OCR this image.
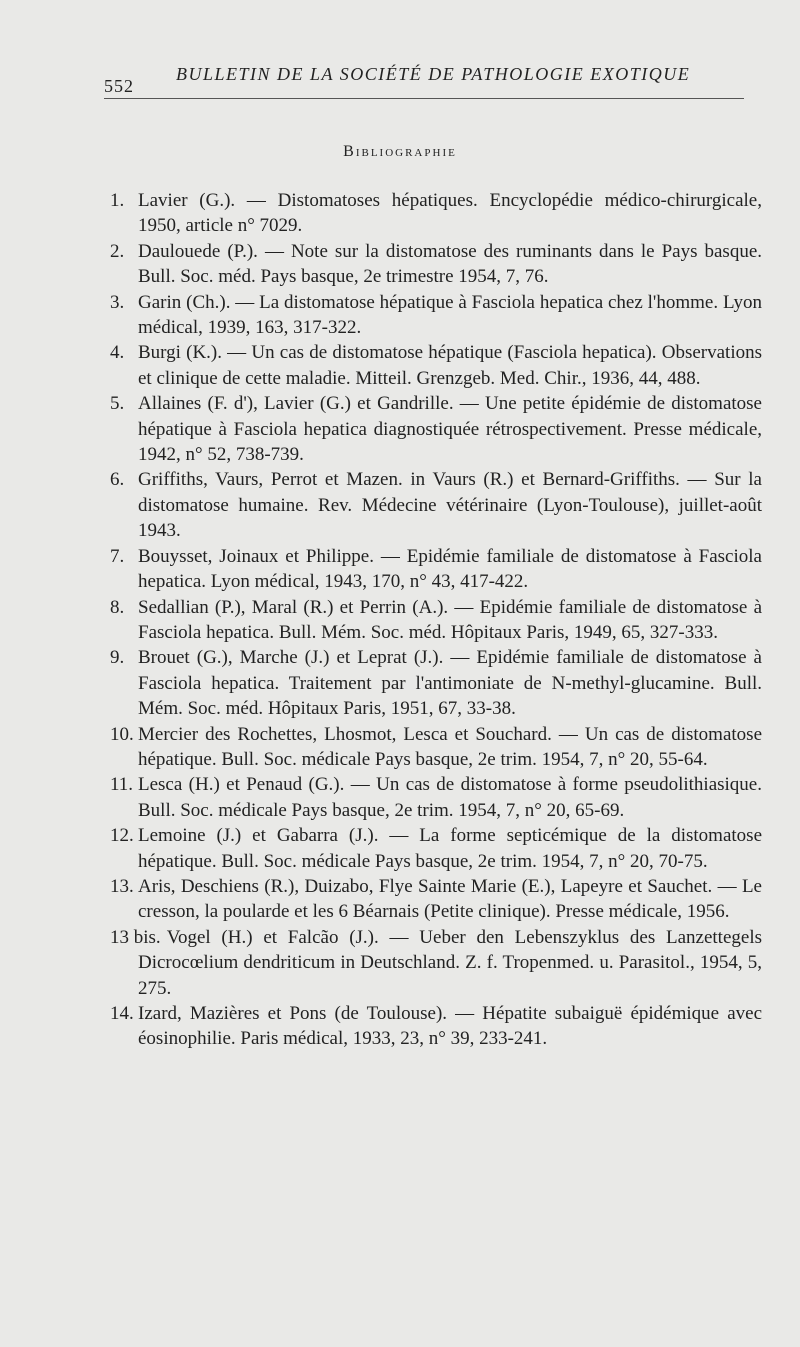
552
BULLETIN DE LA SOCIÉTÉ DE PATHOLOGIE EXOTIQUE
Bibliographie

1. Lavier (G.). — Distomatoses hépatiques. Encyclopédie médico-chirurgicale, 1950, article n° 7029.

2. Daulouede (P.). — Note sur la distomatose des ruminants dans le Pays basque. Bull. Soc. méd. Pays basque, 2e trimestre 1954, 7, 76.

3. Garin (Ch.). — La distomatose hépatique à Fasciola hepatica chez l'homme. Lyon médical, 1939, 163, 317-322.

4. Burgi (K.). — Un cas de distomatose hépatique (Fasciola hepatica). Observations et clinique de cette maladie. Mitteil. Grenzgeb. Med. Chir., 1936, 44, 488.

5. Allaines (F. d'), Lavier (G.) et Gandrille. — Une petite épidémie de distomatose hépatique à Fasciola hepatica diagnostiquée rétrospectivement. Presse médicale, 1942, n° 52, 738-739.

6. Griffiths, Vaurs, Perrot et Mazen. in Vaurs (R.) et Bernard-Griffiths. — Sur la distomatose humaine. Rev. Médecine vétérinaire (Lyon-Toulouse), juillet-août 1943.

7. Bouysset, Joinaux et Philippe. — Epidémie familiale de distomatose à Fasciola hepatica. Lyon médical, 1943, 170, n° 43, 417-422.

8. Sedallian (P.), Maral (R.) et Perrin (A.). — Epidémie familiale de distomatose à Fasciola hepatica. Bull. Mém. Soc. méd. Hôpitaux Paris, 1949, 65, 327-333.

9. Brouet (G.), Marche (J.) et Leprat (J.). — Epidémie familiale de distomatose à Fasciola hepatica. Traitement par l'antimoniate de N-methyl-glucamine. Bull. Mém. Soc. méd. Hôpitaux Paris, 1951, 67, 33-38.

10. Mercier des Rochettes, Lhosmot, Lesca et Souchard. — Un cas de distomatose hépatique. Bull. Soc. médicale Pays basque, 2e trim. 1954, 7, n° 20, 55-64.

11. Lesca (H.) et Penaud (G.). — Un cas de distomatose à forme pseudolithiasique. Bull. Soc. médicale Pays basque, 2e trim. 1954, 7, n° 20, 65-69.

12. Lemoine (J.) et Gabarra (J.). — La forme septicémique de la distomatose hépatique. Bull. Soc. médicale Pays basque, 2e trim. 1954, 7, n° 20, 70-75.

13. Aris, Deschiens (R.), Duizabo, Flye Sainte Marie (E.), Lapeyre et Sauchet. — Le cresson, la poularde et les 6 Béarnais (Petite clinique). Presse médicale, 1956.

13 bis. Vogel (H.) et Falcão (J.). — Ueber den Lebenszyklus des Lanzettegels Dicrocœlium dendriticum in Deutschland. Z. f. Tropenmed. u. Parasitol., 1954, 5, 275.

14. Izard, Mazières et Pons (de Toulouse). — Hépatite subaiguë épidémique avec éosinophilie. Paris médical, 1933, 23, n° 39, 233-241.
